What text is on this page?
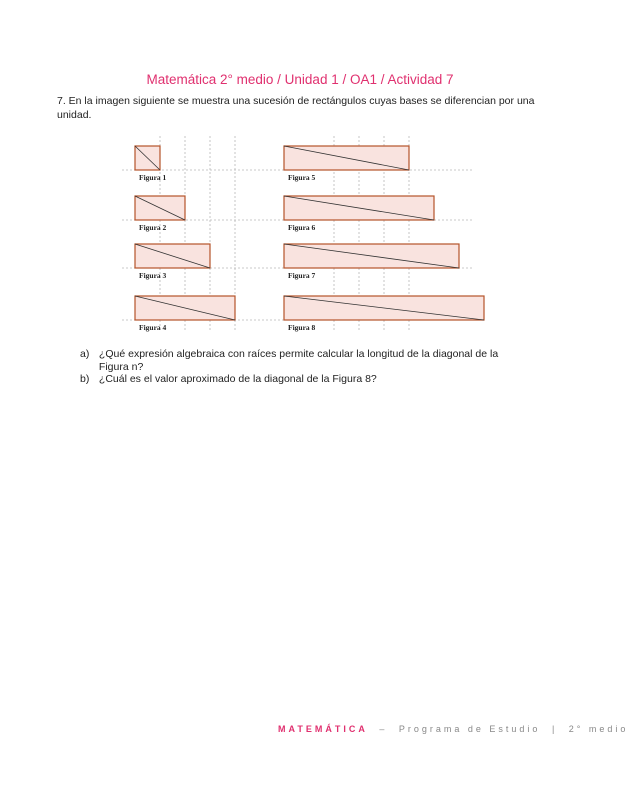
Matemática 2° medio / Unidad 1 / OA1 / Actividad 7
7. En la imagen siguiente se muestra una sucesión de rectángulos cuyas bases se diferencian por una unidad.
Figura 1
Figura 2
Figura 3
Figura 4
Figura 5
Figura 6
Figura 7
Figura 8
a) ¿Qué expresión algebraica con raíces permite calcular la longitud de la diagonal de la Figura n?
b) ¿Cuál es el valor aproximado de la diagonal de la Figura 8?
MATEMÁTICA – Programa de Estudio | 2° medio
